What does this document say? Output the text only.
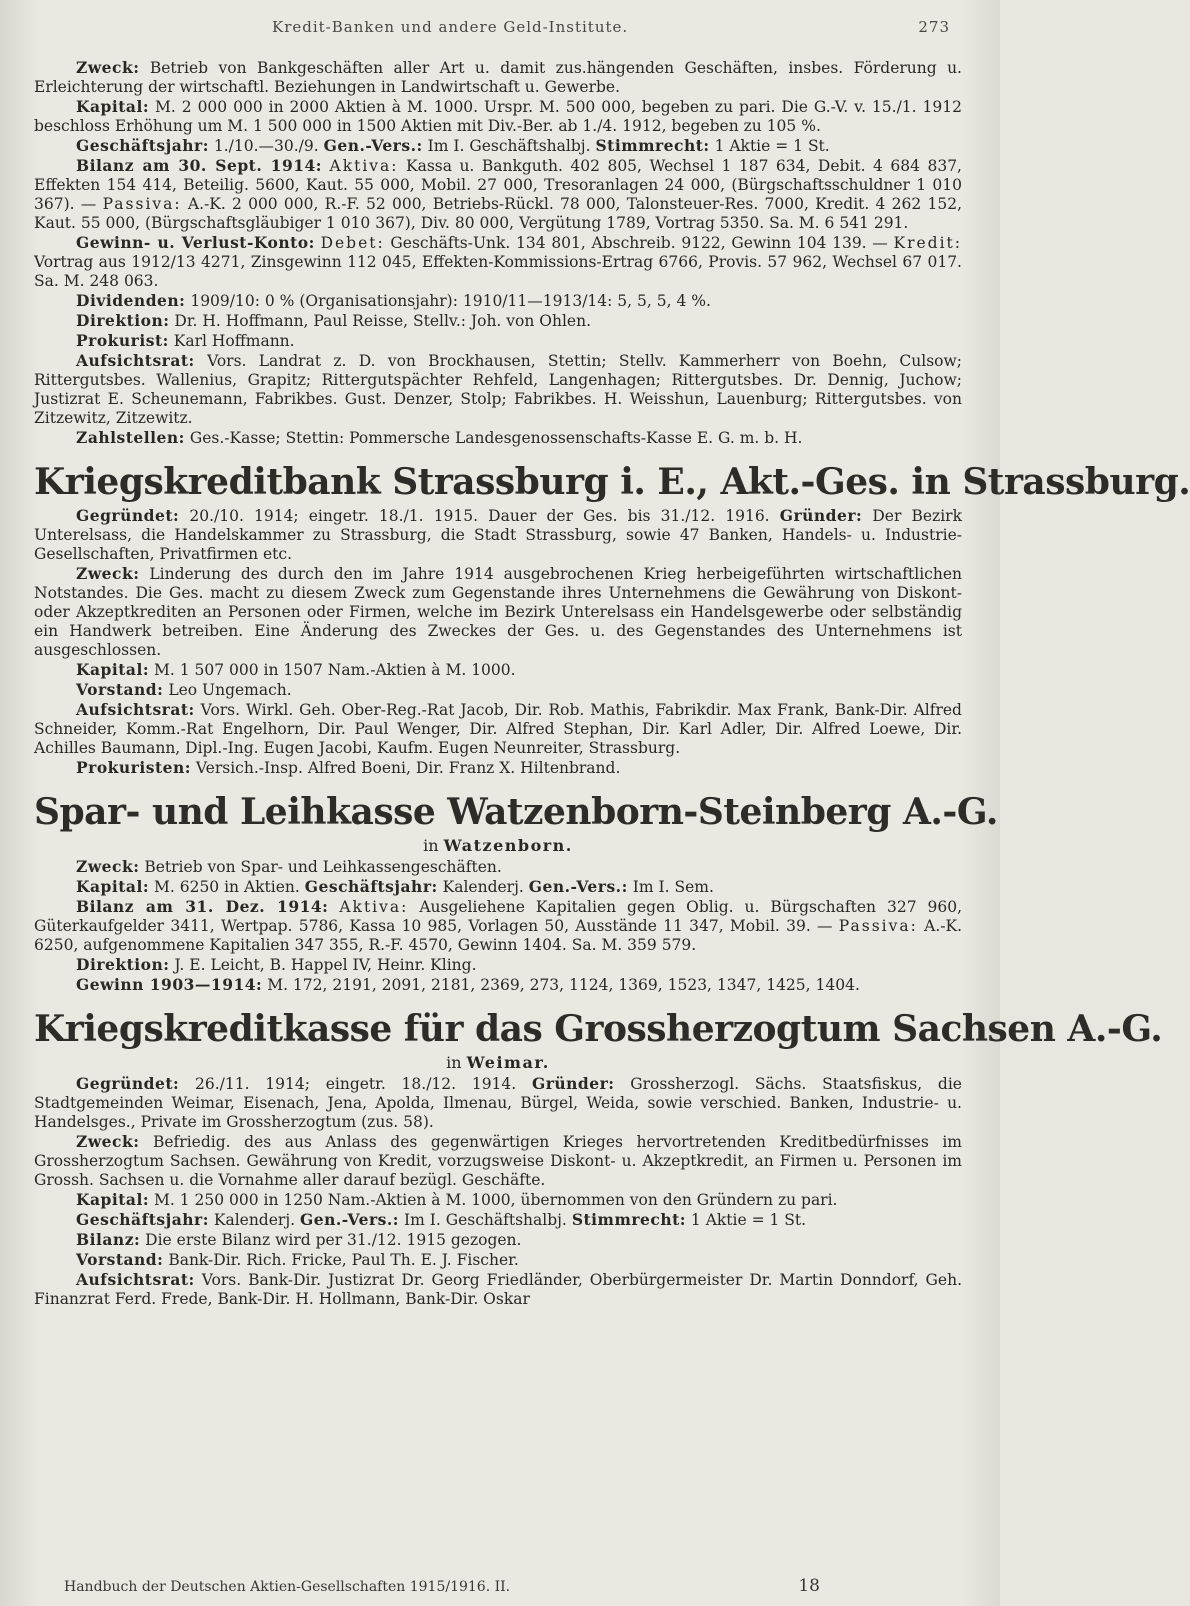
Kredit-Banken und andere Geld-Institute.	273

Zweck: Betrieb von Bankgeschäften aller Art u. damit zus.hängenden Geschäften, insbes. Förderung u. Erleichterung der wirtschaftl. Beziehungen in Landwirtschaft u. Gewerbe.

Kapital: M. 2 000 000 in 2000 Aktien à M. 1000. Urspr. M. 500 000, begeben zu pari. Die G.-V. v. 15./1. 1912 beschloss Erhöhung um M. 1 500 000 in 1500 Aktien mit Div.-Ber. ab 1./4. 1912, begeben zu 105 %.

Geschäftsjahr: 1./10.—30./9. Gen.-Vers.: Im I. Geschäftshalbj. Stimmrecht: 1 Aktie = 1 St.

Bilanz am 30. Sept. 1914: Aktiva: Kassa u. Bankguth. 402 805, Wechsel 1 187 634, Debit. 4 684 837, Effekten 154 414, Beteilig. 5600, Kaut. 55 000, Mobil. 27 000, Tresoranlagen 24 000, (Bürgschaftsschuldner 1 010 367). — Passiva: A.-K. 2 000 000, R.-F. 52 000, Betriebs-Rückl. 78 000, Talonsteuer-Res. 7000, Kredit. 4 262 152, Kaut. 55 000, (Bürgschaftsgläubiger 1 010 367), Div. 80 000, Vergütung 1789, Vortrag 5350. Sa. M. 6 541 291.

Gewinn- u. Verlust-Konto: Debet: Geschäfts-Unk. 134 801, Abschreib. 9122, Gewinn 104 139. — Kredit: Vortrag aus 1912/13 4271, Zinsgewinn 112 045, Effekten-Kommissions-Ertrag 6766, Provis. 57 962, Wechsel 67 017. Sa. M. 248 063.

Dividenden: 1909/10: 0 % (Organisationsjahr): 1910/11—1913/14: 5, 5, 5, 4 %.

Direktion: Dr. H. Hoffmann, Paul Reisse, Stellv.: Joh. von Ohlen.

Prokurist: Karl Hoffmann.

Aufsichtsrat: Vors. Landrat z. D. von Brockhausen, Stettin; Stellv. Kammerherr von Boehn, Culsow; Rittergutsbes. Wallenius, Grapitz; Rittergutspächter Rehfeld, Langenhagen; Rittergutsbes. Dr. Dennig, Juchow; Justizrat E. Scheunemann, Fabrikbes. Gust. Denzer, Stolp; Fabrikbes. H. Weisshun, Lauenburg; Rittergutsbes. von Zitzewitz, Zitzewitz.

Zahlstellen: Ges.-Kasse; Stettin: Pommersche Landesgenossenschafts-Kasse E. G. m. b. H.

Kriegskreditbank Strassburg i. E., Akt.-Ges. in Strassburg.

Gegründet: 20./10. 1914; eingetr. 18./1. 1915. Dauer der Ges. bis 31./12. 1916. Gründer: Der Bezirk Unterelsass, die Handelskammer zu Strassburg, die Stadt Strassburg, sowie 47 Banken, Handels- u. Industrie-Gesellschaften, Privatfirmen etc.

Zweck: Linderung des durch den im Jahre 1914 ausgebrochenen Krieg herbeigeführten wirtschaftlichen Notstandes. Die Ges. macht zu diesem Zweck zum Gegenstande ihres Unternehmens die Gewährung von Diskont- oder Akzeptkrediten an Personen oder Firmen, welche im Bezirk Unterelsass ein Handelsgewerbe oder selbständig ein Handwerk betreiben. Eine Änderung des Zweckes der Ges. u. des Gegenstandes des Unternehmens ist ausgeschlossen.

Kapital: M. 1 507 000 in 1507 Nam.-Aktien à M. 1000.

Vorstand: Leo Ungemach.

Aufsichtsrat: Vors. Wirkl. Geh. Ober-Reg.-Rat Jacob, Dir. Rob. Mathis, Fabrikdir. Max Frank, Bank-Dir. Alfred Schneider, Komm.-Rat Engelhorn, Dir. Paul Wenger, Dir. Alfred Stephan, Dir. Karl Adler, Dir. Alfred Loewe, Dir. Achilles Baumann, Dipl.-Ing. Eugen Jacobi, Kaufm. Eugen Neunreiter, Strassburg.

Prokuristen: Versich.-Insp. Alfred Boeni, Dir. Franz X. Hiltenbrand.

Spar- und Leihkasse Watzenborn-Steinberg A.-G.

in Watzenborn.

Zweck: Betrieb von Spar- und Leihkassengeschäften.

Kapital: M. 6250 in Aktien. Geschäftsjahr: Kalenderj. Gen.-Vers.: Im I. Sem.

Bilanz am 31. Dez. 1914: Aktiva: Ausgeliehene Kapitalien gegen Oblig. u. Bürgschaften 327 960, Güterkaufgelder 3411, Wertpap. 5786, Kassa 10 985, Vorlagen 50, Ausstände 11 347, Mobil. 39. — Passiva: A.-K. 6250, aufgenommene Kapitalien 347 355, R.-F. 4570, Gewinn 1404. Sa. M. 359 579.

Direktion: J. E. Leicht, B. Happel IV, Heinr. Kling.

Gewinn 1903—1914: M. 172, 2191, 2091, 2181, 2369, 273, 1124, 1369, 1523, 1347, 1425, 1404.

Kriegskreditkasse für das Grossherzogtum Sachsen A.-G.

in Weimar.

Gegründet: 26./11. 1914; eingetr. 18./12. 1914. Gründer: Grossherzogl. Sächs. Staatsfiskus, die Stadtgemeinden Weimar, Eisenach, Jena, Apolda, Ilmenau, Bürgel, Weida, sowie verschied. Banken, Industrie- u. Handelsges., Private im Grossherzogtum (zus. 58).

Zweck: Befriedig. des aus Anlass des gegenwärtigen Krieges hervortretenden Kreditbedürfnisses im Grossherzogtum Sachsen. Gewährung von Kredit, vorzugsweise Diskont- u. Akzeptkredit, an Firmen u. Personen im Grossh. Sachsen u. die Vornahme aller darauf bezügl. Geschäfte.

Kapital: M. 1 250 000 in 1250 Nam.-Aktien à M. 1000, übernommen von den Gründern zu pari.

Geschäftsjahr: Kalenderj. Gen.-Vers.: Im I. Geschäftshalbj. Stimmrecht: 1 Aktie = 1 St.

Bilanz: Die erste Bilanz wird per 31./12. 1915 gezogen.

Vorstand: Bank-Dir. Rich. Fricke, Paul Th. E. J. Fischer.

Aufsichtsrat: Vors. Bank-Dir. Justizrat Dr. Georg Friedländer, Oberbürgermeister Dr. Martin Donndorf, Geh. Finanzrat Ferd. Frede, Bank-Dir. H. Hollmann, Bank-Dir. Oskar

Handbuch der Deutschen Aktien-Gesellschaften 1915/1916. II.	18
